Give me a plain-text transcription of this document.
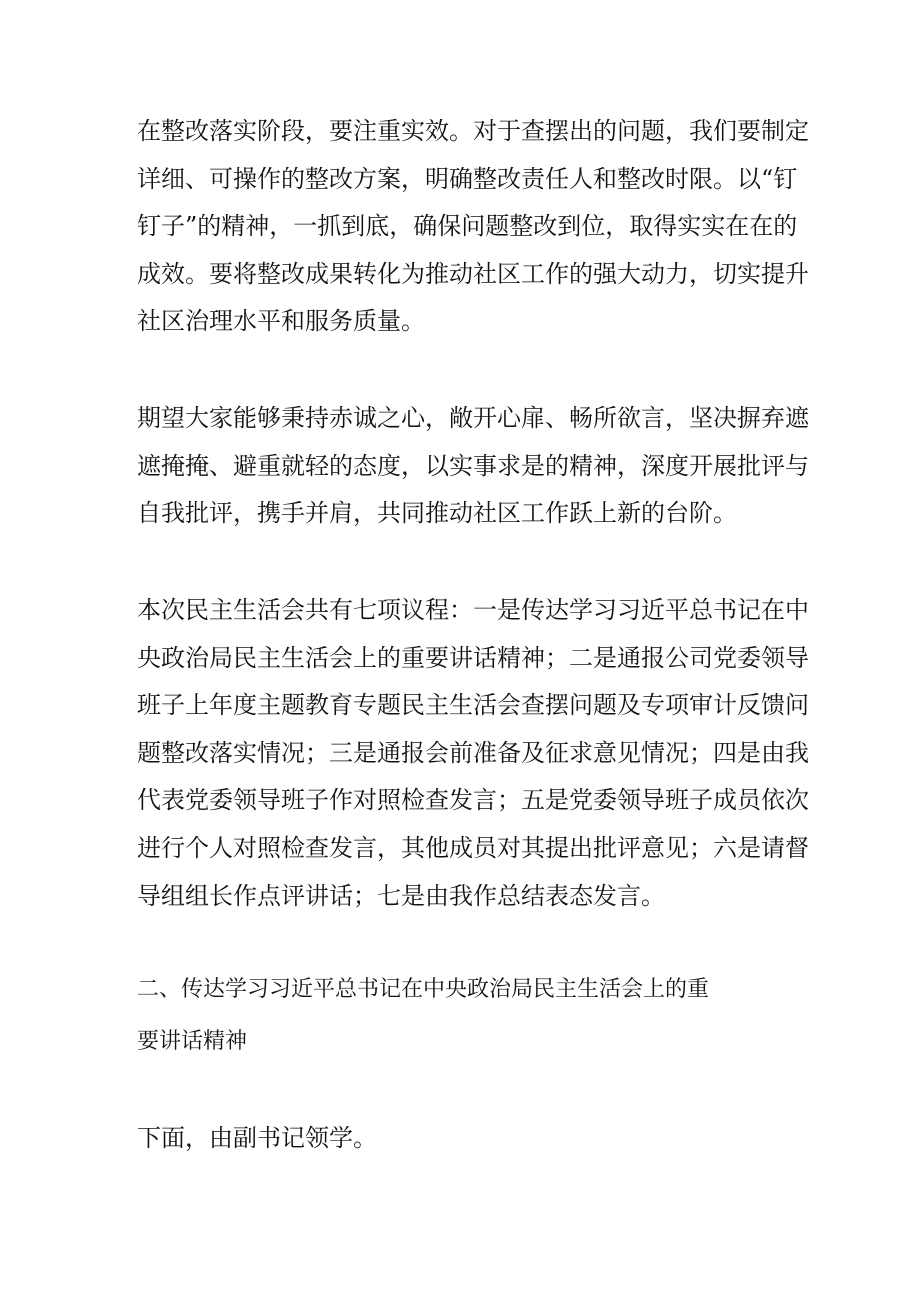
在整改落实阶段，要注重实效。对于查摆出的问题，我们要制定
详细、可操作的整改方案，明确整改责任人和整改时限。以“钉
钉子”的精神，一抓到底，确保问题整改到位，取得实实在在的
成效。要将整改成果转化为推动社区工作的强大动力，切实提升
社区治理水平和服务质量。

期望大家能够秉持赤诚之心，敞开心扉、畅所欲言，坚决摒弃遮
遮掩掩、避重就轻的态度，以实事求是的精神，深度开展批评与
自我批评，携手并肩，共同推动社区工作跃上新的台阶。

本次民主生活会共有七项议程：一是传达学习习近平总书记在中
央政治局民主生活会上的重要讲话精神；二是通报公司党委领导
班子上年度主题教育专题民主生活会查摆问题及专项审计反馈问
题整改落实情况；三是通报会前准备及征求意见情况；四是由我
代表党委领导班子作对照检查发言；五是党委领导班子成员依次
进行个人对照检查发言，其他成员对其提出批评意见；六是请督
导组组长作点评讲话；七是由我作总结表态发言。

二、传达学习习近平总书记在中央政治局民主生活会上的重
要讲话精神

下面，由副书记领学。
